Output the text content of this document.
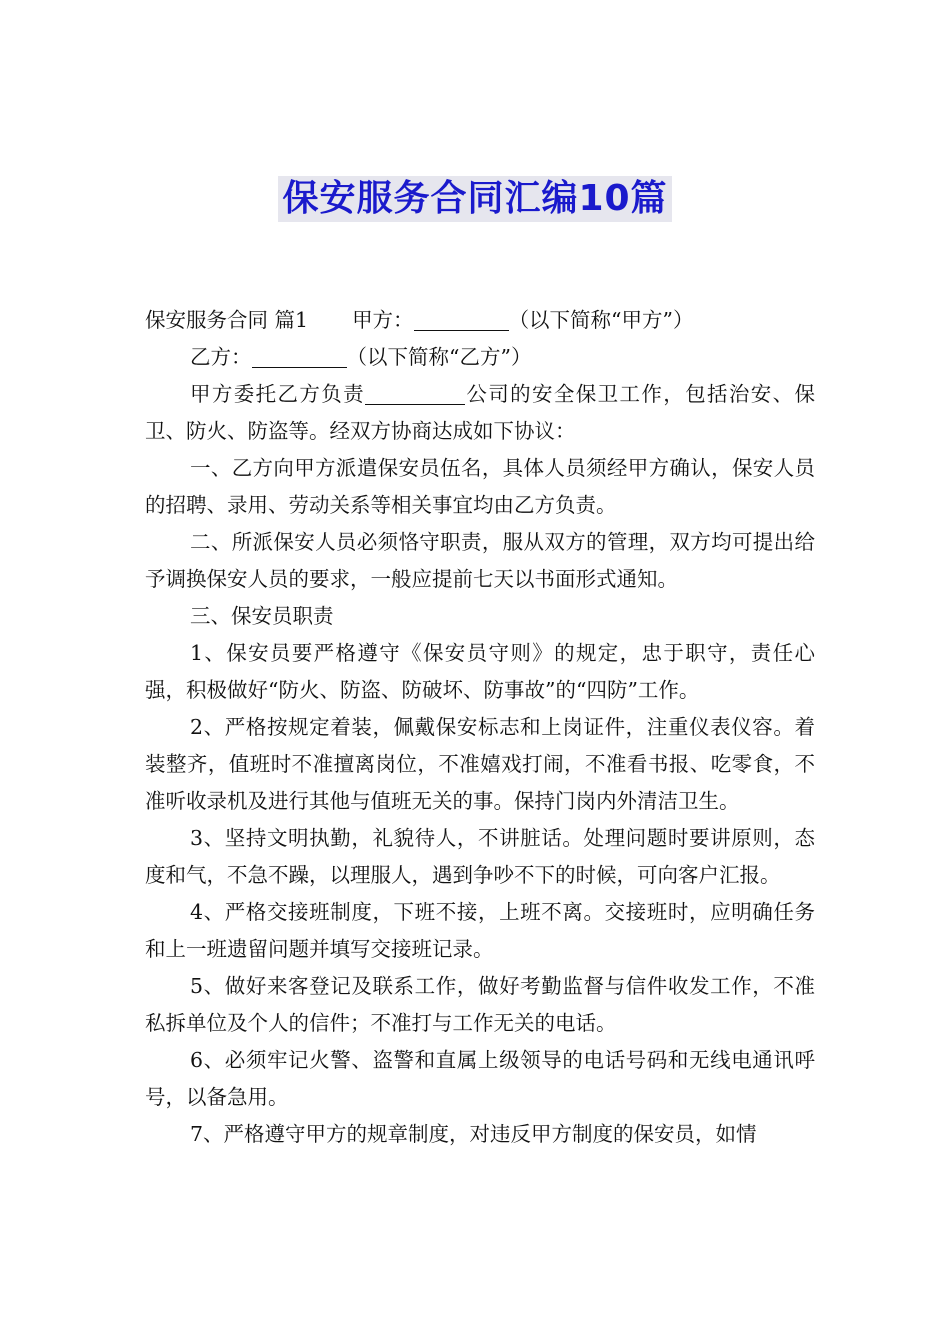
保安服务合同汇编10篇

保安服务合同 篇1 甲方：	（以下简称“甲方”）

乙方：	（以下简称“乙方”）

甲方委托乙方负责	公司的安全保卫工作，包括治安、保卫、防火、防盗等。经双方协商达成如下协议：

一、乙方向甲方派遣保安员伍名，具体人员须经甲方确认，保安人员的招聘、录用、劳动关系等相关事宜均由乙方负责。

二、所派保安人员必须恪守职责，服从双方的管理，双方均可提出给予调换保安人员的要求，一般应提前七天以书面形式通知。

三、保安员职责

1、保安员要严格遵守《保安员守则》的规定，忠于职守，责任心强，积极做好“防火、防盗、防破坏、防事故”的“四防”工作。

2、严格按规定着装，佩戴保安标志和上岗证件，注重仪表仪容。着装整齐，值班时不准擅离岗位，不准嬉戏打闹，不准看书报、吃零食，不准听收录机及进行其他与值班无关的事。保持门岗内外清洁卫生。

3、坚持文明执勤，礼貌待人，不讲脏话。处理问题时要讲原则，态度和气，不急不躁，以理服人，遇到争吵不下的时候，可向客户汇报。

4、严格交接班制度，下班不接，上班不离。交接班时，应明确任务和上一班遗留问题并填写交接班记录。

5、做好来客登记及联系工作，做好考勤监督与信件收发工作，不准私拆单位及个人的信件；不准打与工作无关的电话。

6、必须牢记火警、盗警和直属上级领导的电话号码和无线电通讯呼号，以备急用。

7、严格遵守甲方的规章制度，对违反甲方制度的保安员，如情
